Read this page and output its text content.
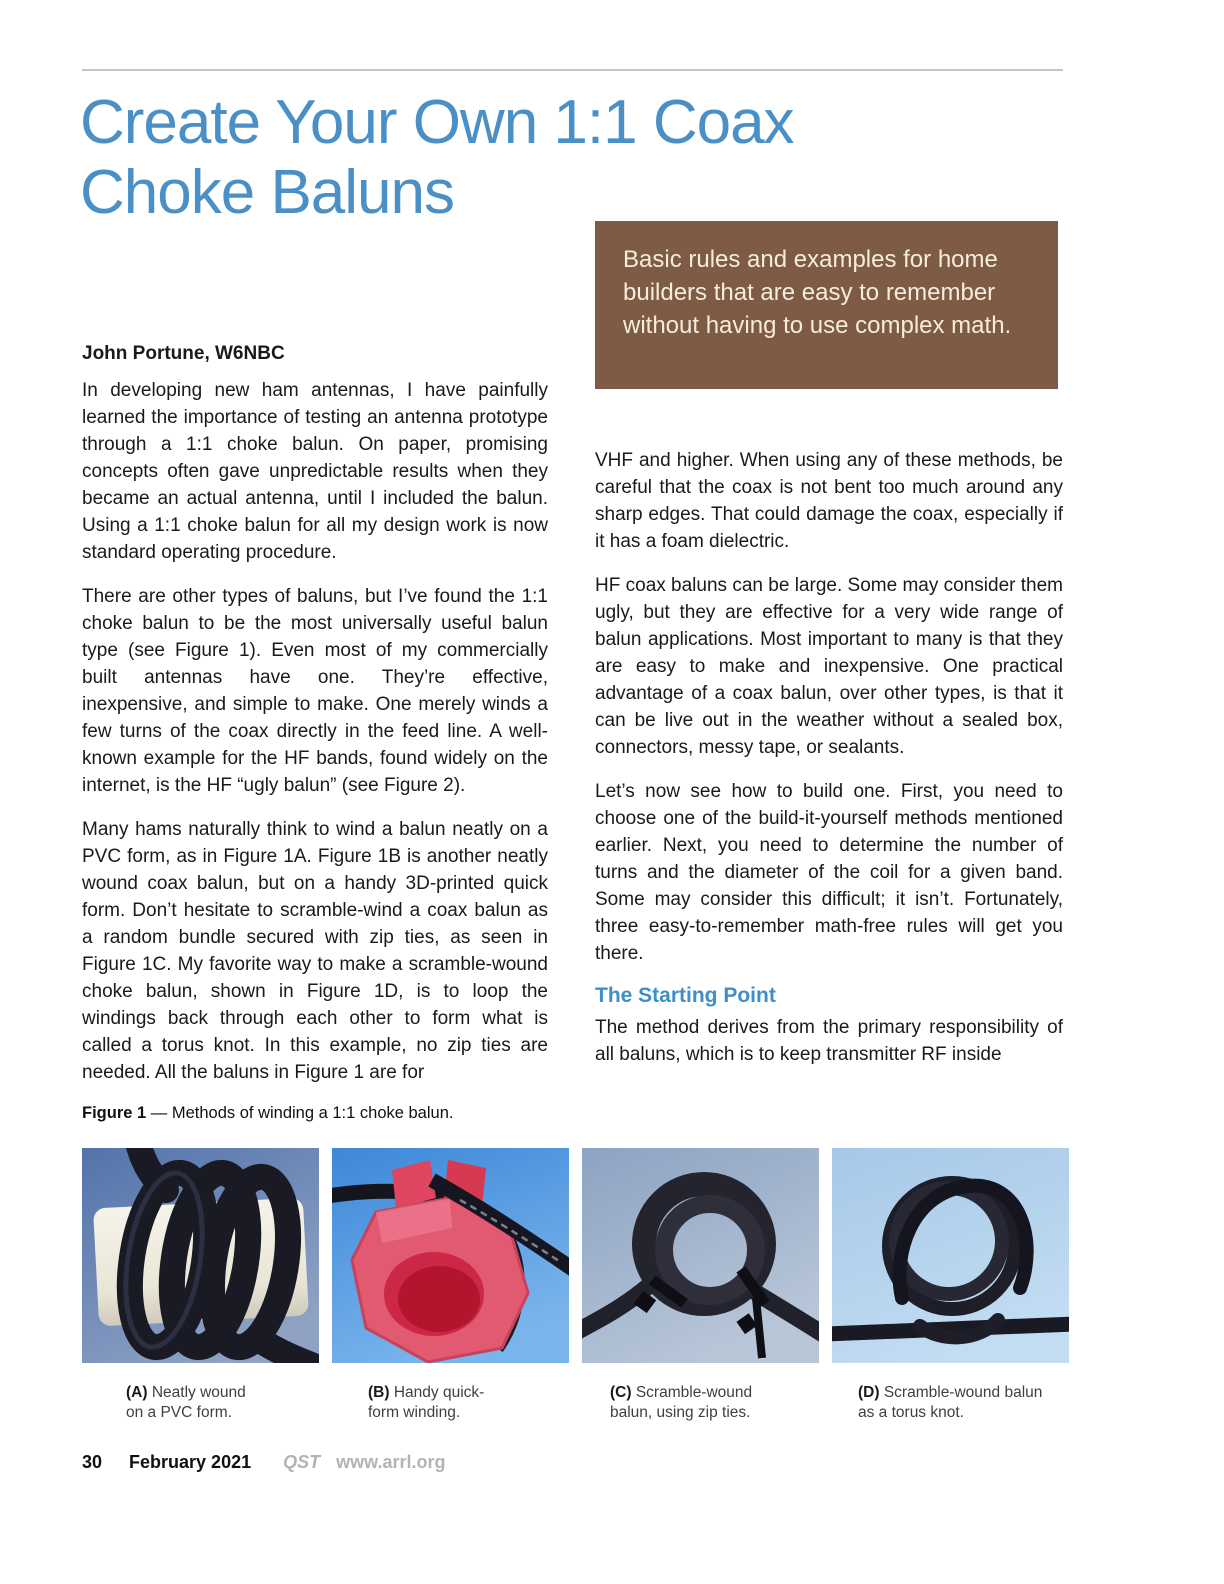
Create Your Own 1:1 Coax
Choke Baluns
Basic rules and examples for home builders that are easy to remember without having to use complex math.
John Portune, W6NBC

In developing new ham antennas, I have painfully learned the importance of testing an antenna prototype through a 1:1 choke balun. On paper, promising concepts often gave unpredictable results when they became an actual antenna, until I included the balun. Using a 1:1 choke balun for all my design work is now standard operating procedure.

There are other types of baluns, but I’ve found the 1:1 choke balun to be the most universally useful balun type (see Figure 1). Even most of my commercially built antennas have one. They’re effective, inexpensive, and simple to make. One merely winds a few turns of the coax directly in the feed line. A well-known example for the HF bands, found widely on the internet, is the HF “ugly balun” (see Figure 2).

Many hams naturally think to wind a balun neatly on a PVC form, as in Figure 1A. Figure 1B is another neatly wound coax balun, but on a handy 3D-printed quick form. Don’t hesitate to scramble-wind a coax balun as a random bundle secured with zip ties, as seen in Figure 1C. My favorite way to make a scramble-wound choke balun, shown in Figure 1D, is to loop the windings back through each other to form what is called a torus knot. In this example, no zip ties are needed. All the baluns in Figure 1 are for

VHF and higher. When using any of these methods, be careful that the coax is not bent too much around any sharp edges. That could damage the coax, especially if it has a foam dielectric.

HF coax baluns can be large. Some may consider them ugly, but they are effective for a very wide range of balun applications. Most important to many is that they are easy to make and inexpensive. One practical advantage of a coax balun, over other types, is that it can be live out in the weather without a sealed box, connectors, messy tape, or sealants.

Let’s now see how to build one. First, you need to choose one of the build-it-yourself methods mentioned earlier. Next, you need to determine the number of turns and the diameter of the coil for a given band. Some may consider this difficult; it isn’t. Fortunately, three easy-to-remember math-free rules will get you there.

The Starting Point

The method derives from the primary responsibility of all baluns, which is to keep transmitter RF inside

Figure 1 — Methods of winding a 1:1 choke balun.
(A) Neatly wound on a PVC form.
(B) Handy quick-form winding.
(C) Scramble-wound balun, using zip ties.
(D) Scramble-wound balun as a torus knot.
30 February 2021 QST www.arrl.org
